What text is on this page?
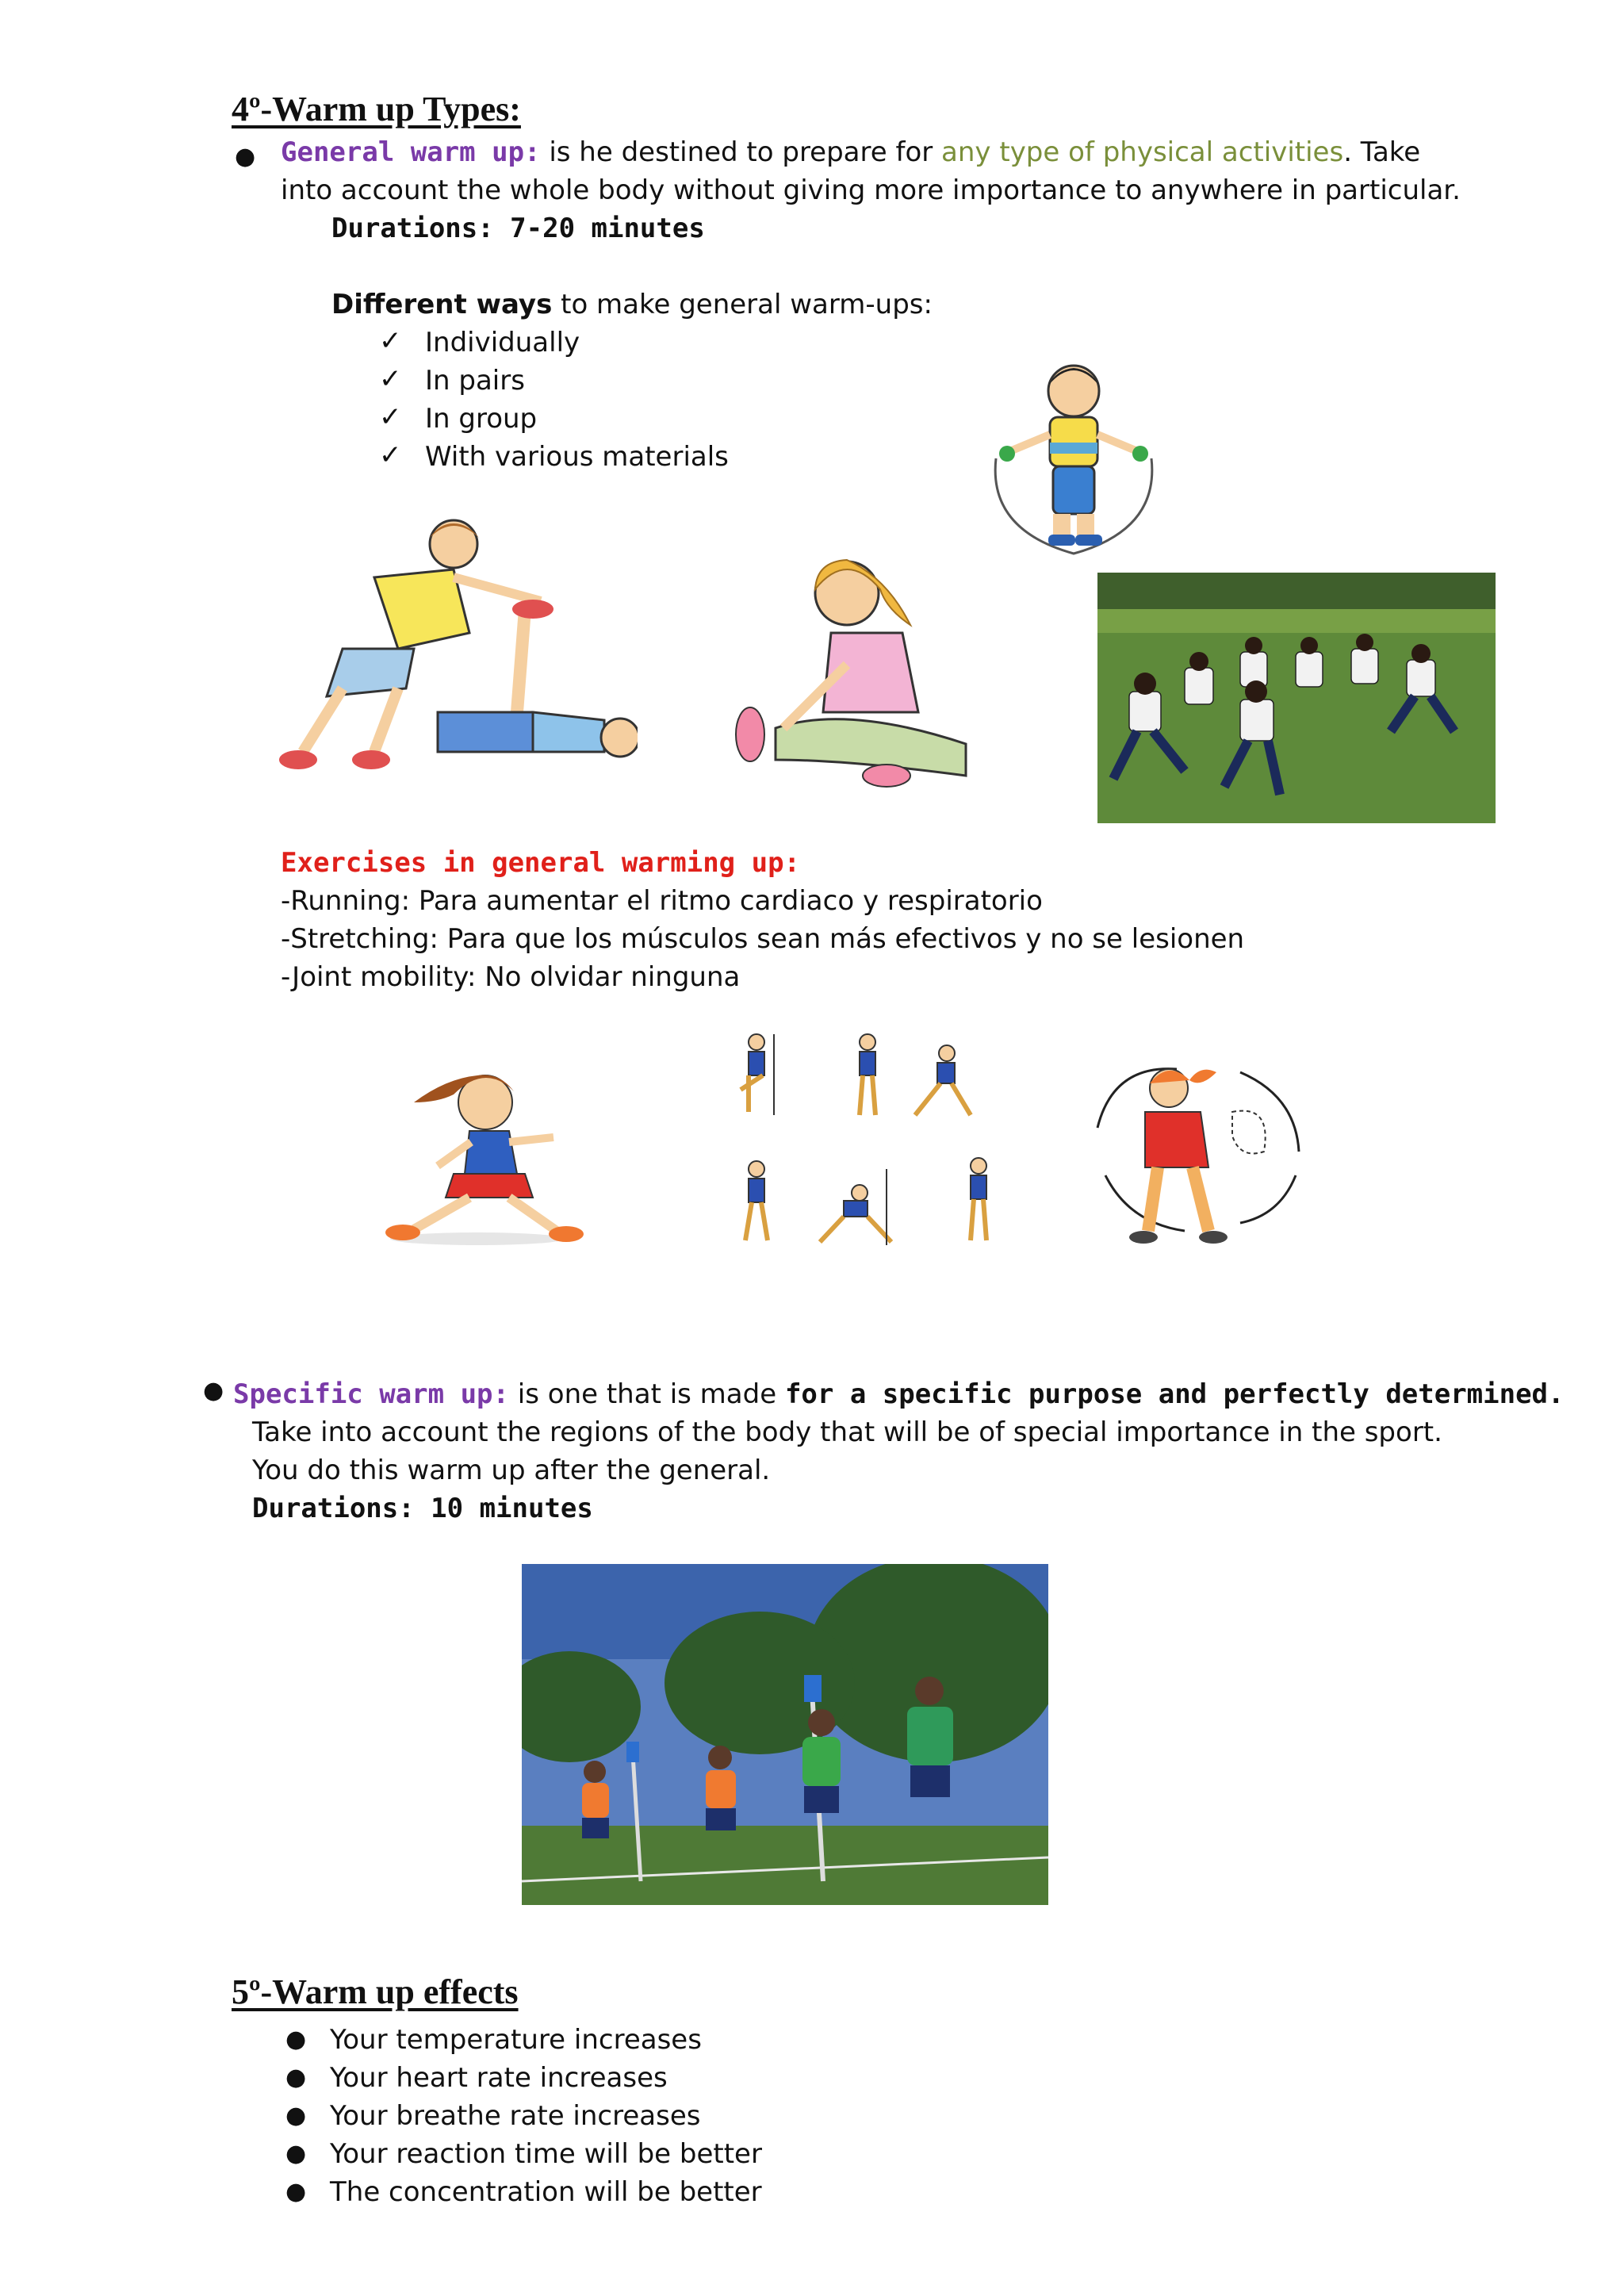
4º-Warm up Types:
● General warm up: is he destined to prepare for any type of physical activities. Take
into account the whole body without giving more importance to anywhere in particular.
Durations: 7-20 minutes
Different ways to make general warm-ups:
✓ Individually
✓ In pairs
✓ In group
✓ With various materials
Exercises in general warming up:
-Running: Para aumentar el ritmo cardiaco y respiratorio
-Stretching: Para que los músculos sean más efectivos y no se lesionen
-Joint mobility: No olvidar ninguna
● Specific warm up: is one that is made for a specific purpose and perfectly determined.
Take into account the regions of the body that will be of special importance in the sport.
You do this warm up after the general.
Durations: 10 minutes
5º-Warm up effects
● Your temperature increases
● Your heart rate increases
● Your breathe rate increases
● Your reaction time will be better
● The concentration will be better
